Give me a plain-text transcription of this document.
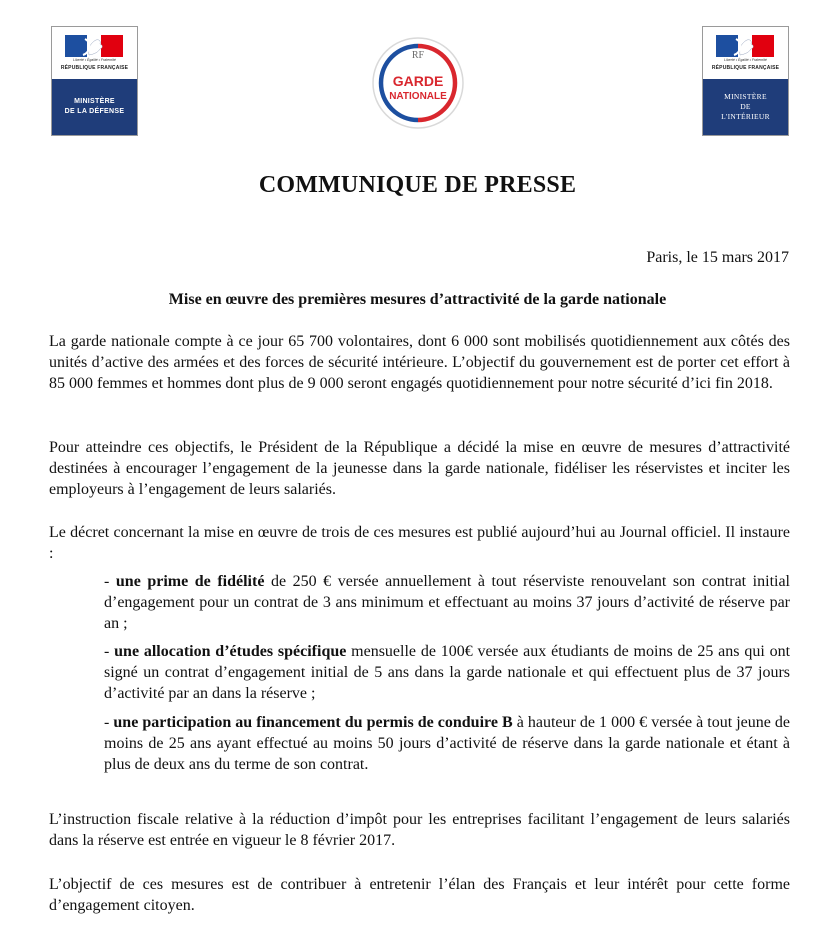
Liberté • Égalité • Fraternité
RÉPUBLIQUE FRANÇAISE
MINISTÈRE
DE LA DÉFENSE
RF
GARDE
NATIONALE
Liberté • Égalité • Fraternité
RÉPUBLIQUE FRANÇAISE
MINISTÈRE
DE
L'INTÉRIEUR
COMMUNIQUE DE PRESSE

Paris, le 15 mars 2017

Mise en œuvre des premières mesures d’attractivité de la garde nationale

La garde nationale compte à ce jour 65 700 volontaires, dont 6 000 sont mobilisés quotidiennement aux côtés des unités d’active des armées et des forces de sécurité intérieure. L’objectif du gouvernement est de porter cet effort à 85 000 femmes et hommes dont plus de 9 000 seront engagés quotidiennement pour notre sécurité d’ici fin 2018.

Pour atteindre ces objectifs, le Président de la République a décidé la mise en œuvre de mesures d’attractivité destinées à encourager l’engagement de la jeunesse dans la garde nationale, fidéliser les réservistes et inciter les employeurs à l’engagement de leurs salariés.

Le décret concernant la mise en œuvre de trois de ces mesures est publié aujourd’hui au Journal officiel. Il instaure :

- une prime de fidélité de 250 € versée annuellement à tout réserviste renouvelant son contrat initial d’engagement pour un contrat de 3 ans minimum et effectuant au moins 37 jours d’activité de réserve par an ;

- une allocation d’études spécifique mensuelle de 100€ versée aux étudiants de moins de 25 ans qui ont signé un contrat d’engagement initial de 5 ans dans la garde nationale et qui effectuent plus de 37 jours d’activité par an dans la réserve ;

- une participation au financement du permis de conduire B à hauteur de 1 000 € versée à tout jeune de moins de 25 ans ayant effectué au moins 50 jours d’activité de réserve dans la garde nationale et étant à plus de deux ans du terme de son contrat.

L’instruction fiscale relative à la réduction d’impôt pour les entreprises facilitant l’engagement de leurs salariés dans la réserve est entrée en vigueur le 8 février 2017.

L’objectif de ces mesures est de contribuer à entretenir l’élan des Français et leur intérêt pour cette forme d’engagement citoyen.
